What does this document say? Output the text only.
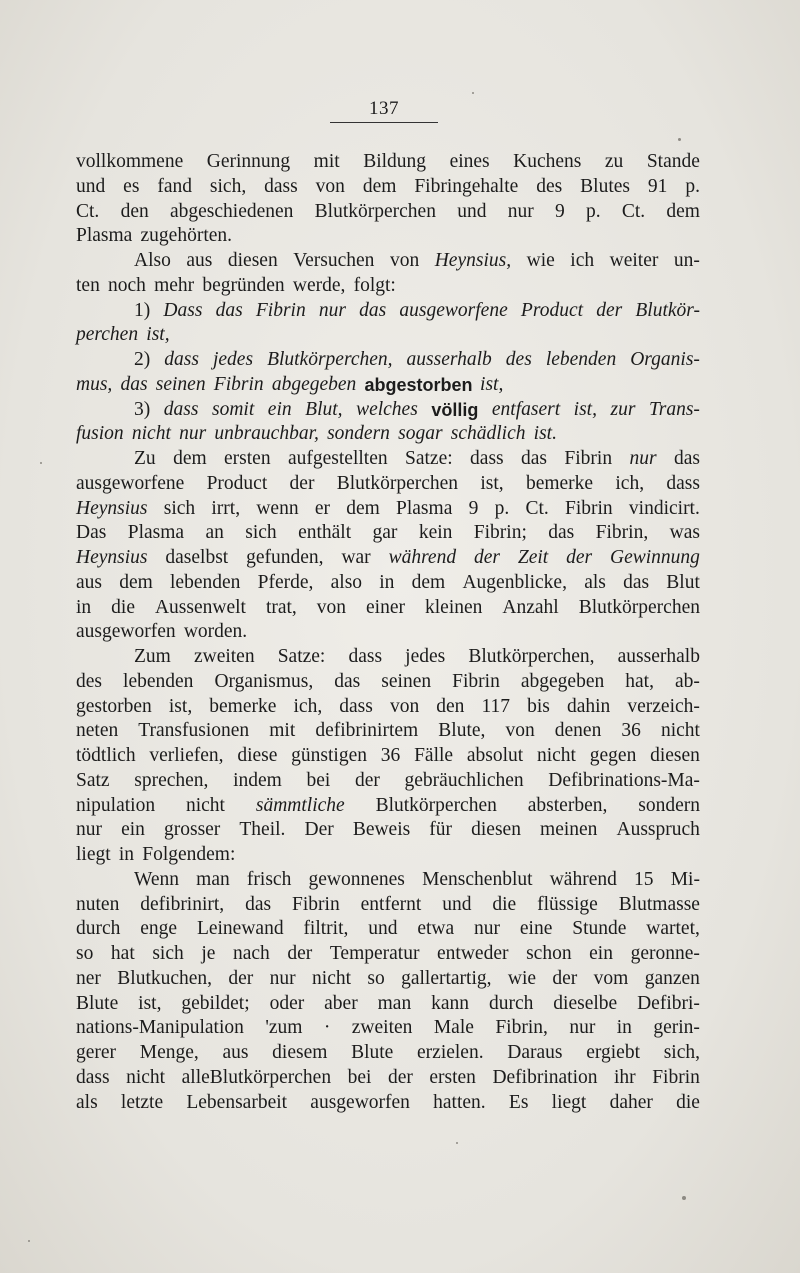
137
vollkommene Gerinnung mit Bildung eines Kuchens zu Stande
und es fand sich, dass von dem Fibringehalte des Blutes 91 p.
Ct. den abgeschiedenen Blutkörperchen und nur 9 p. Ct. dem
Plasma zugehörten.
Also aus diesen Versuchen von Heynsius, wie ich weiter un-
ten noch mehr begründen werde, folgt:
1) Dass das Fibrin nur das ausgeworfene Product der Blutkör-
perchen ist,
2) dass jedes Blutkörperchen, ausserhalb des lebenden Organis-
mus, das seinen Fibrin abgegeben abgestorben ist,
3) dass somit ein Blut, welches völlig entfasert ist, zur Trans-
fusion nicht nur unbrauchbar, sondern sogar schädlich ist.
Zu dem ersten aufgestellten Satze: dass das Fibrin nur das
ausgeworfene Product der Blutkörperchen ist, bemerke ich, dass
Heynsius sich irrt, wenn er dem Plasma 9 p. Ct. Fibrin vindicirt.
Das Plasma an sich enthält gar kein Fibrin; das Fibrin, was
Heynsius daselbst gefunden, war während der Zeit der Gewinnung
aus dem lebenden Pferde, also in dem Augenblicke, als das Blut
in die Aussenwelt trat, von einer kleinen Anzahl Blutkörperchen
ausgeworfen worden.
Zum zweiten Satze: dass jedes Blutkörperchen, ausserhalb
des lebenden Organismus, das seinen Fibrin abgegeben hat, ab-
gestorben ist, bemerke ich, dass von den 117 bis dahin verzeich-
neten Transfusionen mit defibrinirtem Blute, von denen 36 nicht
tödtlich verliefen, diese günstigen 36 Fälle absolut nicht gegen diesen
Satz sprechen, indem bei der gebräuchlichen Defibrinations-Ma-
nipulation nicht sämmtliche Blutkörperchen absterben, sondern
nur ein grosser Theil. Der Beweis für diesen meinen Ausspruch
liegt in Folgendem:
Wenn man frisch gewonnenes Menschenblut während 15 Mi-
nuten defibrinirt, das Fibrin entfernt und die flüssige Blutmasse
durch enge Leinewand filtrit, und etwa nur eine Stunde wartet,
so hat sich je nach der Temperatur entweder schon ein geronne-
ner Blutkuchen, der nur nicht so gallertartig, wie der vom ganzen
Blute ist, gebildet; oder aber man kann durch dieselbe Defibri-
nations-Manipulation 'zum · zweiten Male Fibrin, nur in gerin-
gerer Menge, aus diesem Blute erzielen. Daraus ergiebt sich,
dass nicht alleBlutkörperchen bei der ersten Defibrination ihr Fibrin
als letzte Lebensarbeit ausgeworfen hatten. Es liegt daher die
